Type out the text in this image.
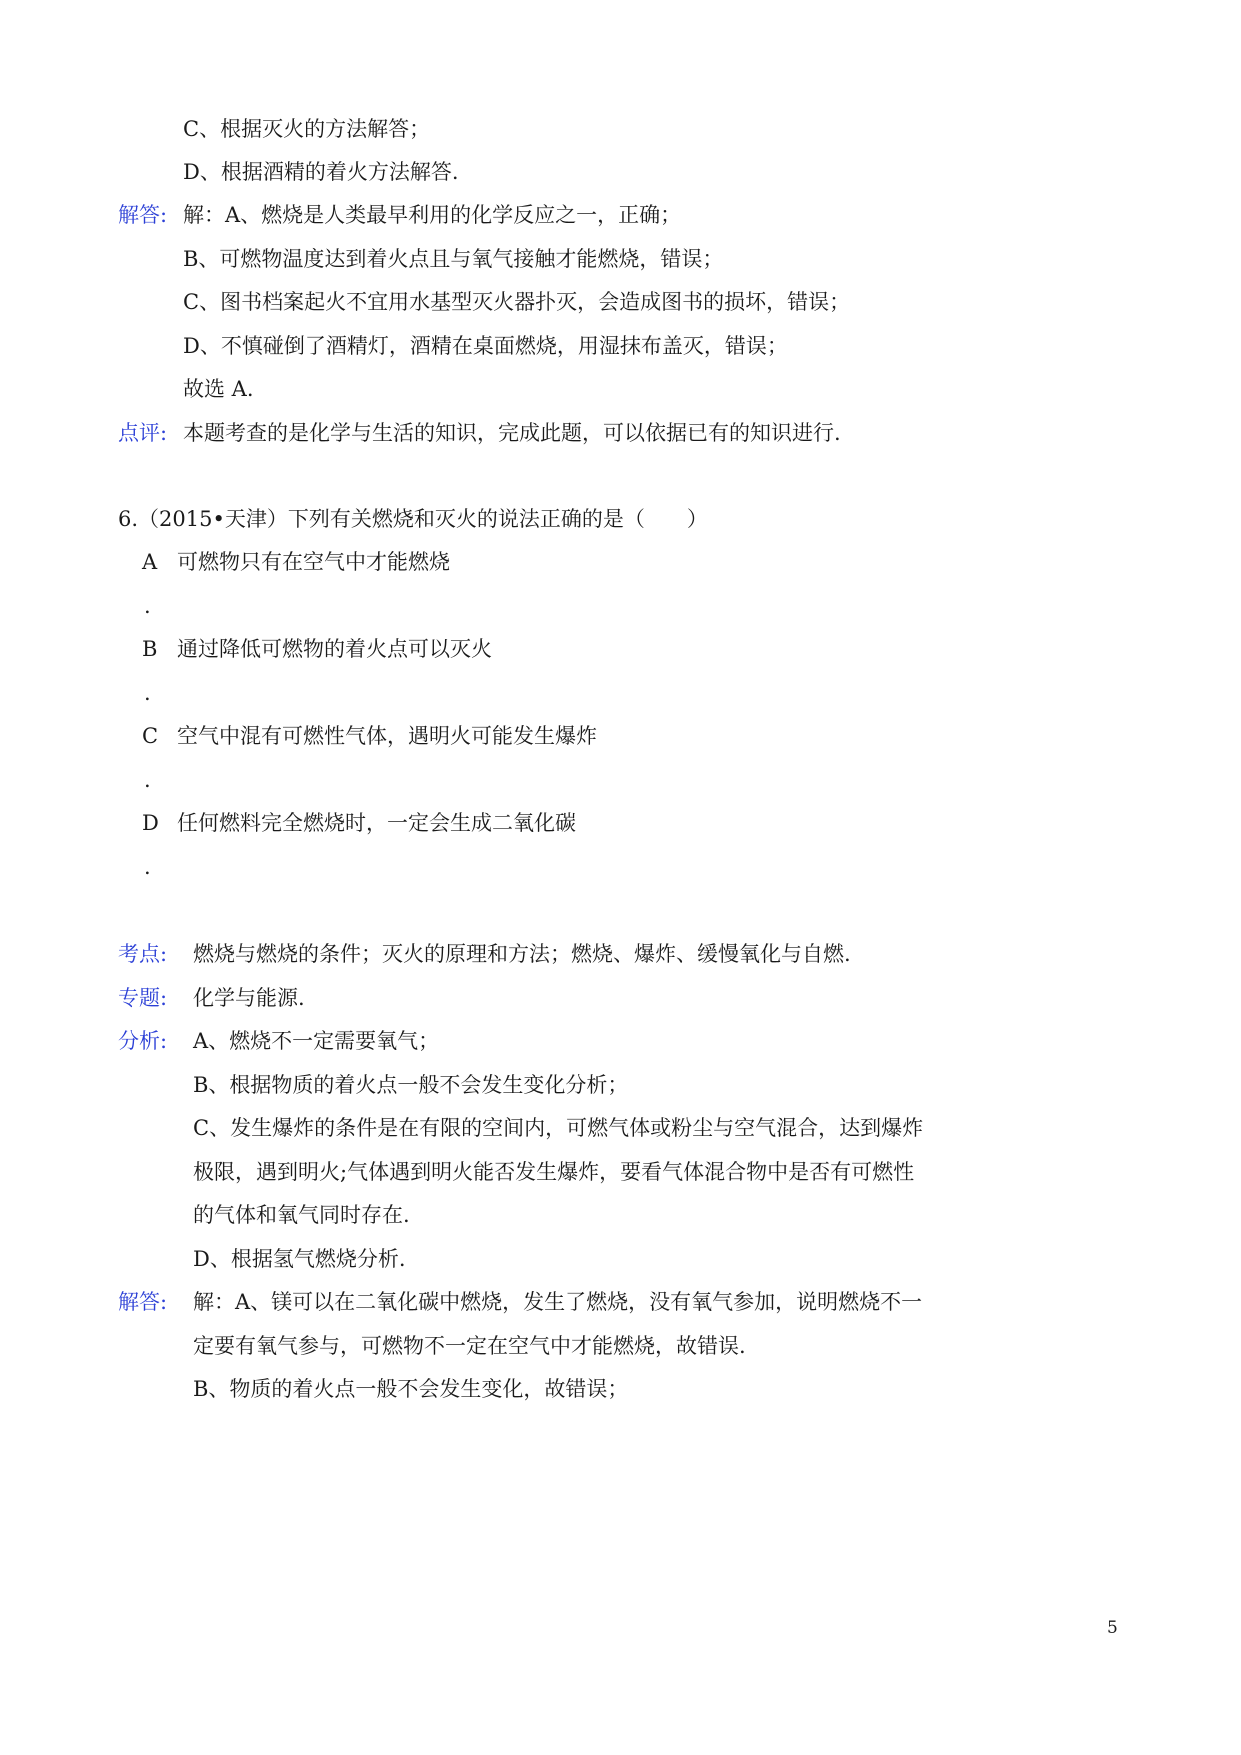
C、根据灭火的方法解答；
D、根据酒精的着火方法解答.
解答: 解：A、燃烧是人类最早利用的化学反应之一，正确；
B、可燃物温度达到着火点且与氧气接触才能燃烧，错误；
C、图书档案起火不宜用水基型灭火器扑灭，会造成图书的损坏，错误；
D、不慎碰倒了酒精灯，酒精在桌面燃烧，用湿抹布盖灭，错误；
故选 A.
点评: 本题考查的是化学与生活的知识，完成此题，可以依据已有的知识进行.
6.（2015•天津）下列有关燃烧和灭火的说法正确的是（　　）
A 可燃物只有在空气中才能燃烧
.
B 通过降低可燃物的着火点可以灭火
.
C 空气中混有可燃性气体，遇明火可能发生爆炸
.
D 任何燃料完全燃烧时，一定会生成二氧化碳
.
考点: 燃烧与燃烧的条件；灭火的原理和方法；燃烧、爆炸、缓慢氧化与自燃.
专题: 化学与能源.
分析: A、燃烧不一定需要氧气；
B、根据物质的着火点一般不会发生变化分析；
C、发生爆炸的条件是在有限的空间内，可燃气体或粉尘与空气混合，达到爆炸
极限，遇到明火;气体遇到明火能否发生爆炸，要看气体混合物中是否有可燃性
的气体和氧气同时存在.
D、根据氢气燃烧分析.
解答: 解：A、镁可以在二氧化碳中燃烧，发生了燃烧，没有氧气参加，说明燃烧不一
定要有氧气参与，可燃物不一定在空气中才能燃烧，故错误.
B、物质的着火点一般不会发生变化，故错误；
5
